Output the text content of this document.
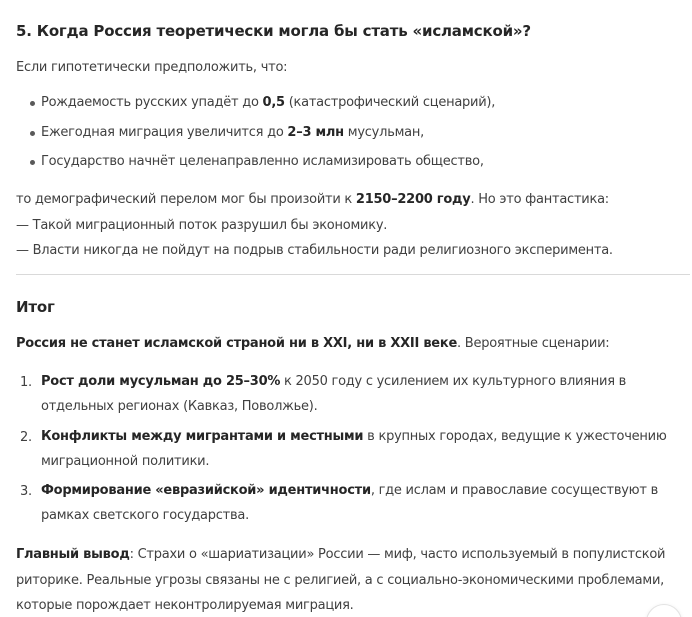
5. Когда Россия теоретически могла бы стать «исламской»?

Если гипотетически предположить, что:

Рождаемость русских упадёт до 0,5 (катастрофический сценарий),

Ежегодная миграция увеличится до 2–3 млн мусульман,

Государство начнёт целенаправленно исламизировать общество,

то демографический перелом мог бы произойти к 2150–2200 году. Но это фантастика:

— Такой миграционный поток разрушил бы экономику.

— Власти никогда не пойдут на подрыв стабильности ради религиозного эксперимента.

Итог

Россия не станет исламской страной ни в XXI, ни в XXII веке. Вероятные сценарии:

1. Рост доли мусульман до 25–30% к 2050 году с усилением их культурного влияния в отдельных регионах (Кавказ, Поволжье).

2. Конфликты между мигрантами и местными в крупных городах, ведущие к ужесточению миграционной политики.

3. Формирование «евразийской» идентичности, где ислам и православие сосуществуют в рамках светского государства.

Главный вывод: Страхи о «шариатизации» России — миф, часто используемый в популистской риторике. Реальные угрозы связаны не с религией, а с социально-экономическими проблемами, которые порождает неконтролируемая миграция.
